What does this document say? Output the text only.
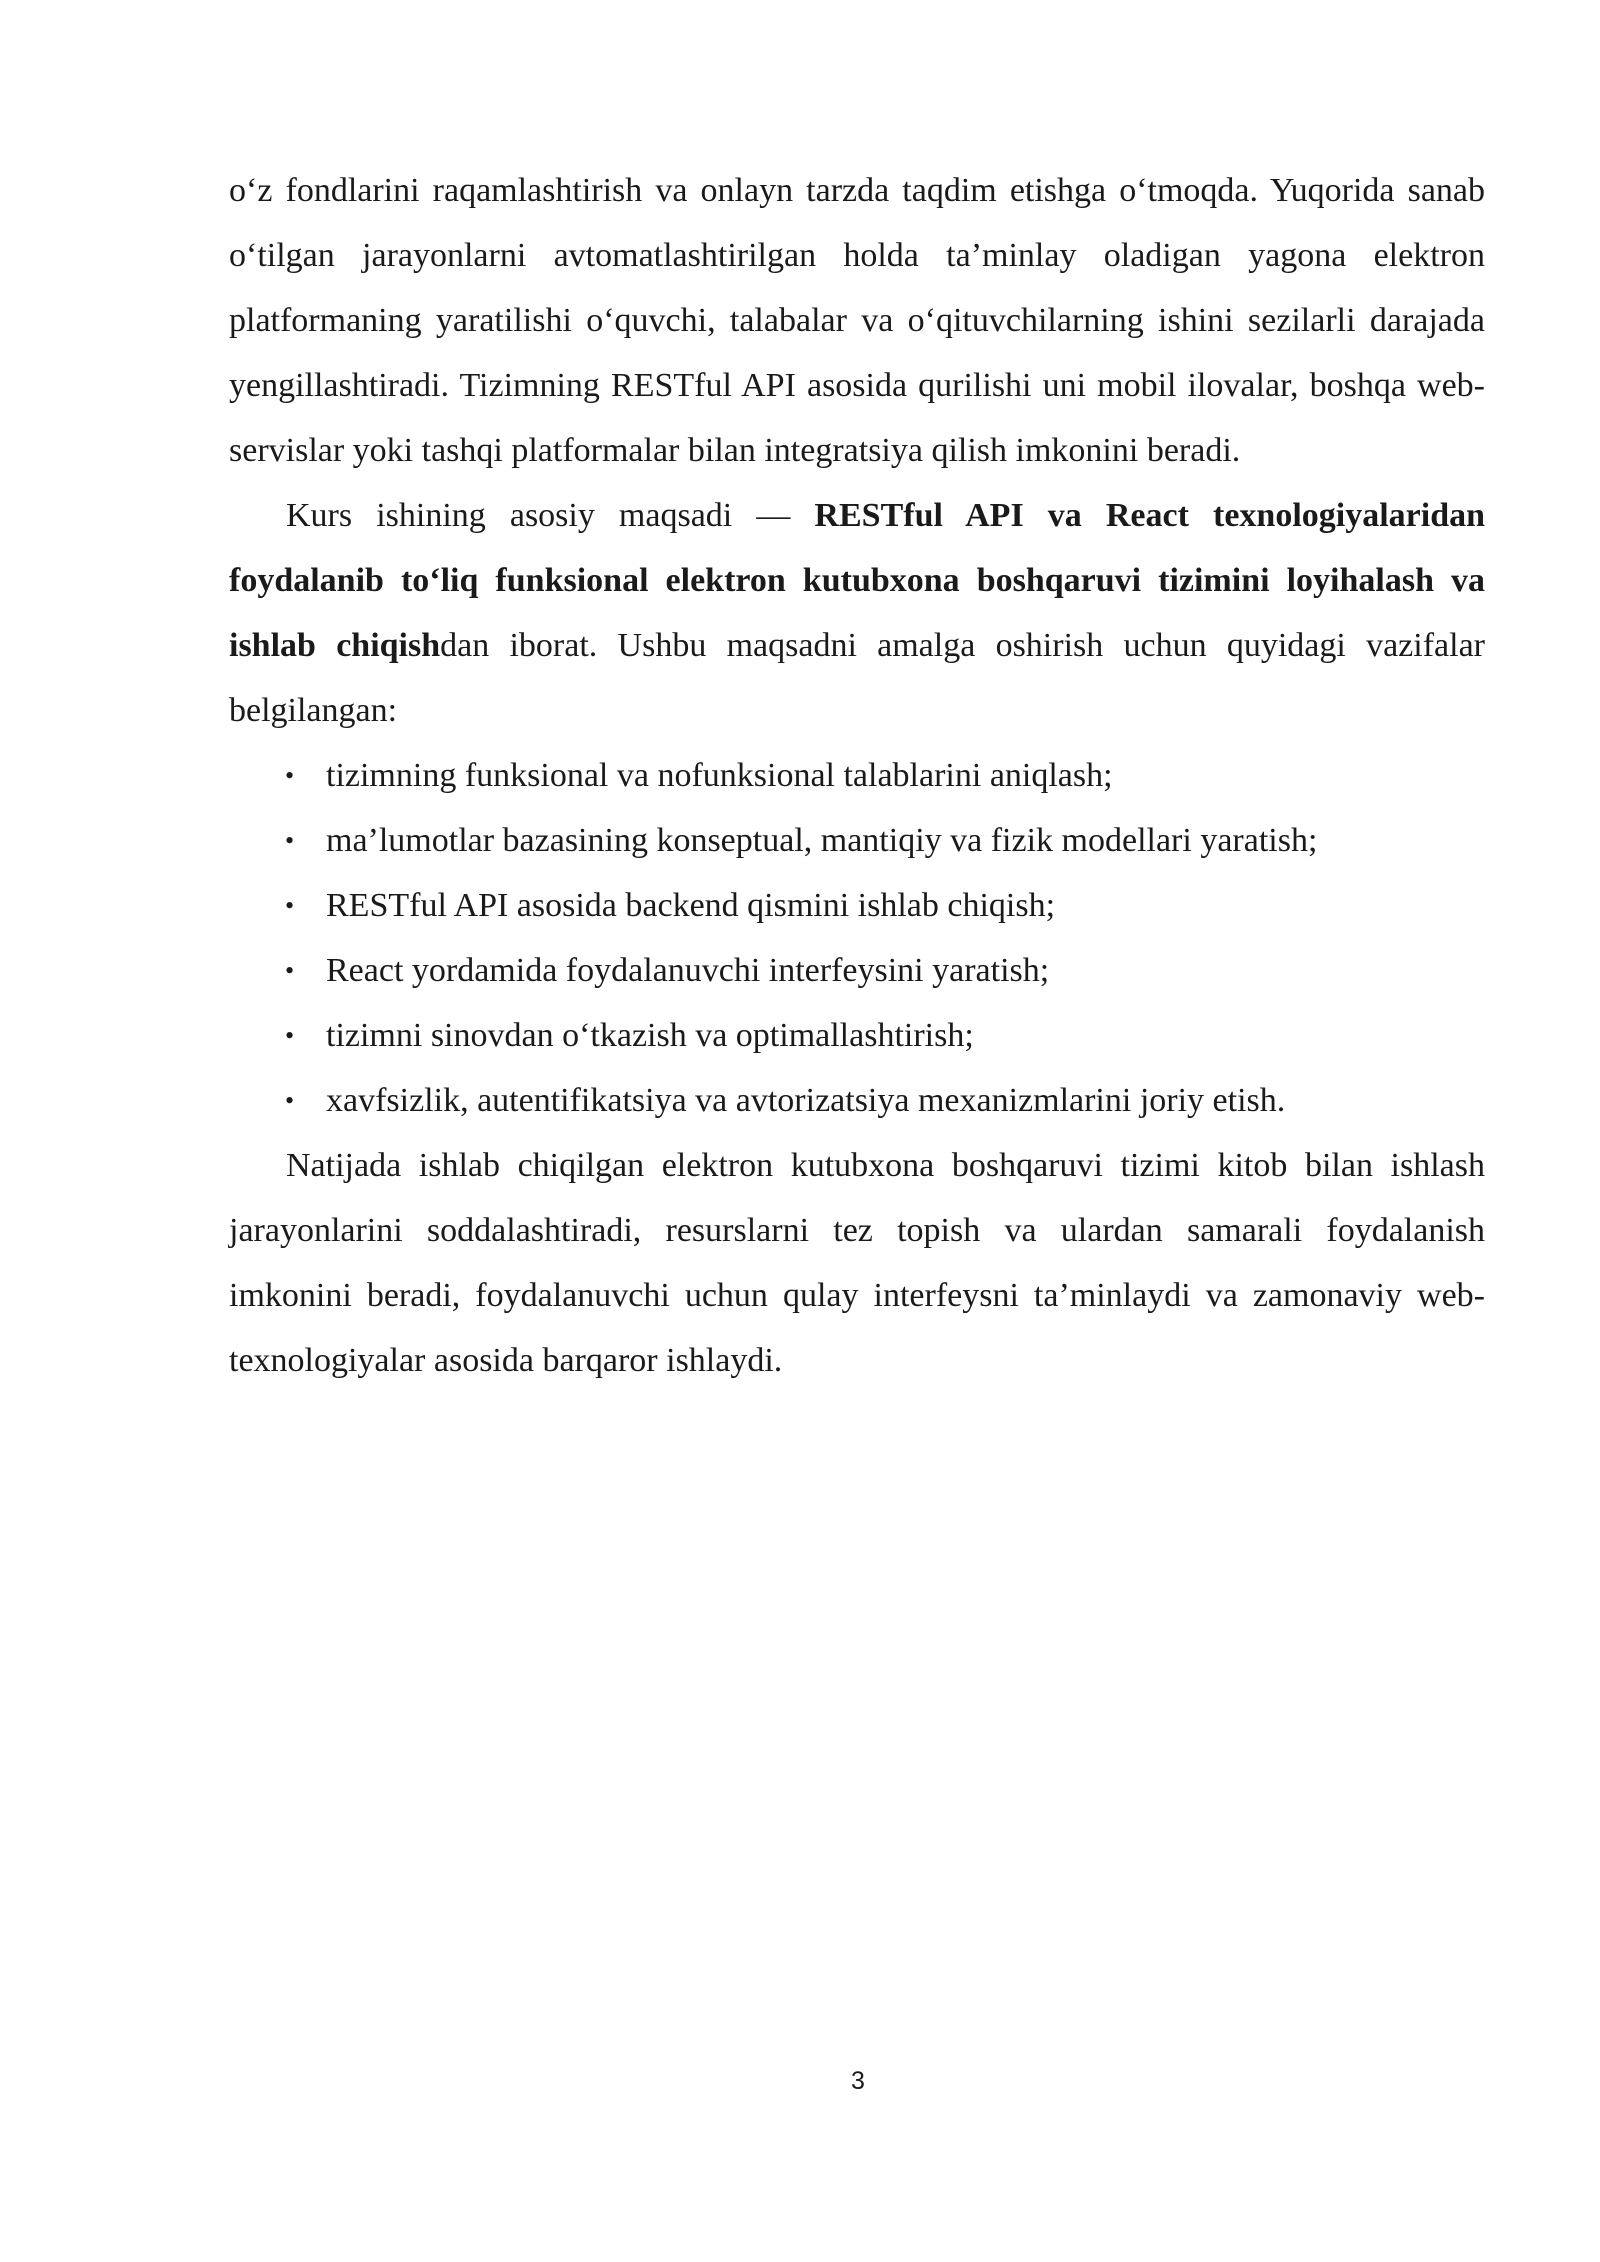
o‘z fondlarini raqamlashtirish va onlayn tarzda taqdim etishga o‘tmoqda. Yuqorida sanab o‘tilgan jarayonlarni avtomatlashtirilgan holda ta’minlay oladigan yagona elektron platformaning yaratilishi o‘quvchi, talabalar va o‘qituvchilarning ishini sezilarli darajada yengillashtiradi. Tizimning RESTful API asosida qurilishi uni mobil ilovalar, boshqa web-servislar yoki tashqi platformalar bilan integratsiya qilish imkonini beradi.

Kurs ishining asosiy maqsadi — RESTful API va React texnologiyalaridan foydalanib to‘liq funksional elektron kutubxona boshqaruvi tizimini loyihalash va ishlab chiqishdan iborat. Ushbu maqsadni amalga oshirish uchun quyidagi vazifalar belgilangan:

• tizimning funksional va nofunksional talablarini aniqlash;
• ma’lumotlar bazasining konseptual, mantiqiy va fizik modellari yaratish;
• RESTful API asosida backend qismini ishlab chiqish;
• React yordamida foydalanuvchi interfeysini yaratish;
• tizimni sinovdan o‘tkazish va optimallashtirish;
• xavfsizlik, autentifikatsiya va avtorizatsiya mexanizmlarini joriy etish.

Natijada ishlab chiqilgan elektron kutubxona boshqaruvi tizimi kitob bilan ishlash jarayonlarini soddalashtiradi, resurslarni tez topish va ulardan samarali foydalanish imkonini beradi, foydalanuvchi uchun qulay interfeysni ta’minlaydi va zamonaviy web-texnologiyalar asosida barqaror ishlaydi.

3
